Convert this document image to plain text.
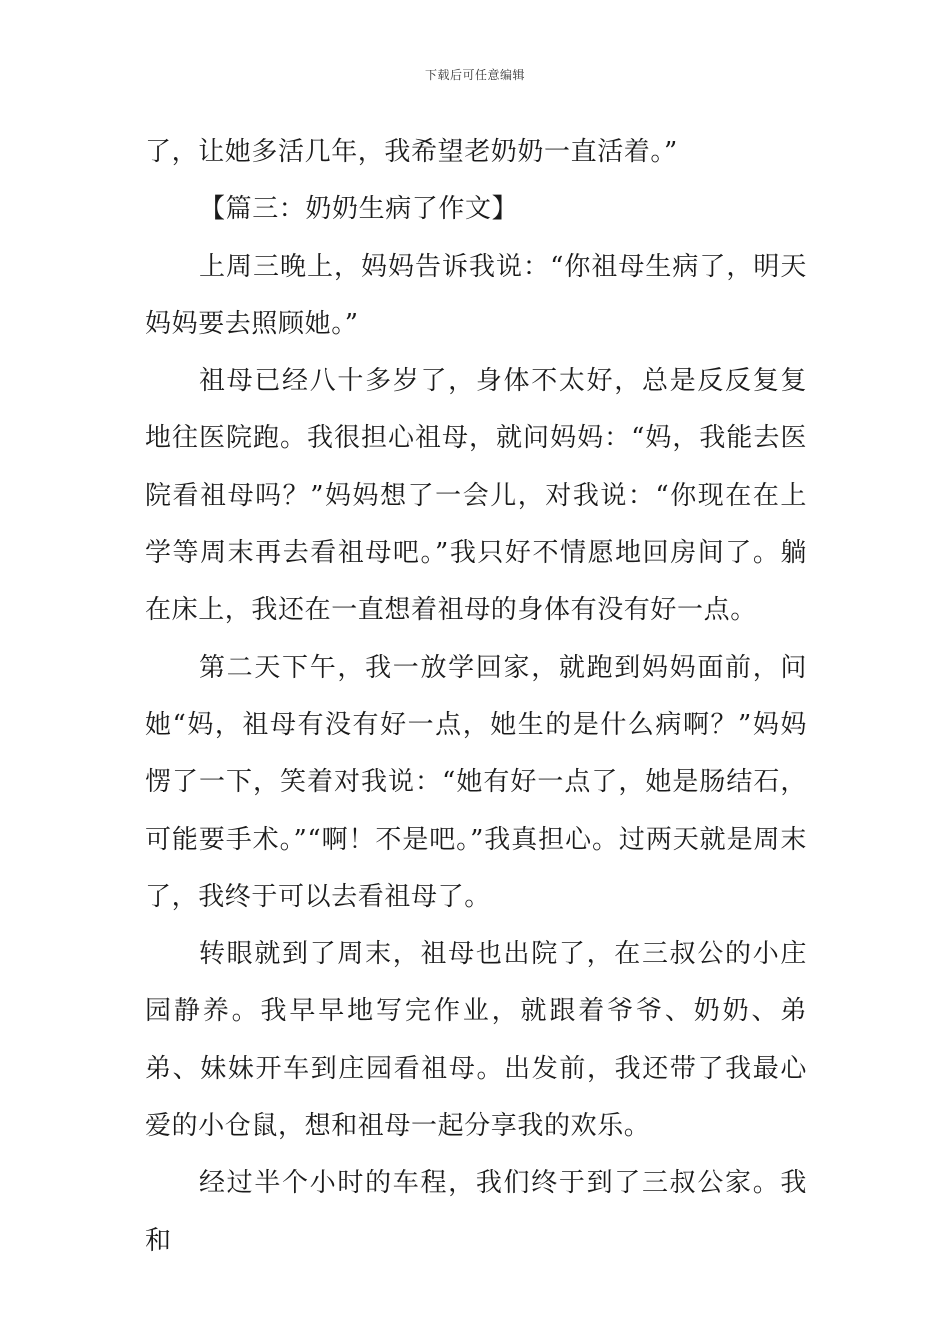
下载后可任意编辑

了，让她多活几年，我希望老奶奶一直活着。”

【篇三：奶奶生病了作文】

上周三晚上，妈妈告诉我说：“你祖母生病了，明天妈妈要去照顾她。”

祖母已经八十多岁了，身体不太好，总是反反复复地往医院跑。我很担心祖母，就问妈妈：“妈，我能去医院看祖母吗？”妈妈想了一会儿，对我说：“你现在在上学等周末再去看祖母吧。”我只好不情愿地回房间了。躺在床上，我还在一直想着祖母的身体有没有好一点。

第二天下午，我一放学回家，就跑到妈妈面前，问她“妈，祖母有没有好一点，她生的是什么病啊？”妈妈愣了一下，笑着对我说：“她有好一点了，她是肠结石，可能要手术。”“啊！不是吧。”我真担心。过两天就是周末了，我终于可以去看祖母了。

转眼就到了周末，祖母也出院了，在三叔公的小庄园静养。我早早地写完作业，就跟着爷爷、奶奶、弟弟、妹妹开车到庄园看祖母。出发前，我还带了我最心爱的小仓鼠，想和祖母一起分享我的欢乐。

经过半个小时的车程，我们终于到了三叔公家。我和
